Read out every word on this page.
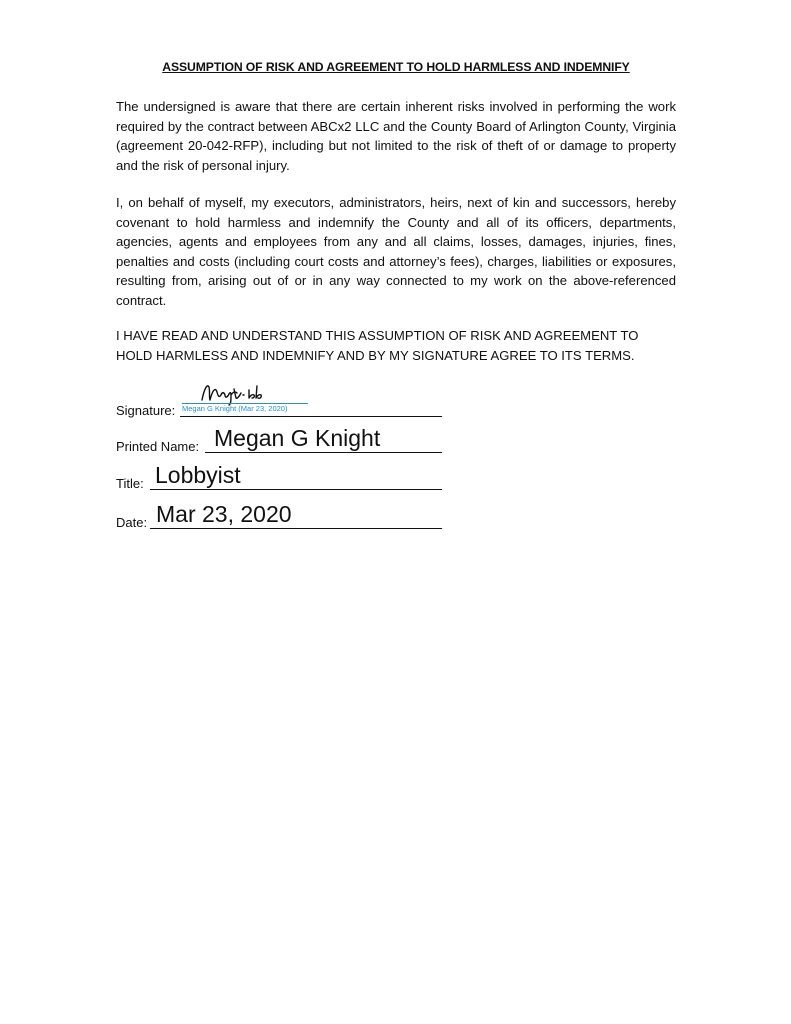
ASSUMPTION OF RISK AND AGREEMENT TO HOLD HARMLESS AND INDEMNIFY

The undersigned is aware that there are certain inherent risks involved in performing the work required by the contract between ABCx2 LLC and the County Board of Arlington County, Virginia (agreement 20-042-RFP), including but not limited to the risk of theft of or damage to property and the risk of personal injury.

I, on behalf of myself, my executors, administrators, heirs, next of kin and successors, hereby covenant to hold harmless and indemnify the County and all of its officers, departments, agencies, agents and employees from any and all claims, losses, damages, injuries, fines, penalties and costs (including court costs and attorney’s fees), charges, liabilities or exposures, resulting from, arising out of or in any way connected to my work on the above-referenced contract.

I HAVE READ AND UNDERSTAND THIS ASSUMPTION OF RISK AND AGREEMENT TO HOLD HARMLESS AND INDEMNIFY AND BY MY SIGNATURE AGREE TO ITS TERMS.

Signature: Megan G Knight (Mar 23, 2020)
Printed Name: Megan G Knight
Title: Lobbyist
Date: Mar 23, 2020
